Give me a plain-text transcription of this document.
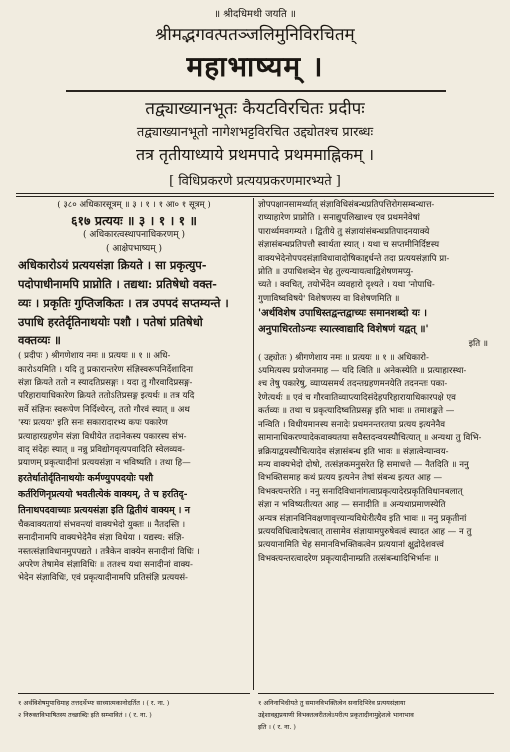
॥ श्रीदधिमथी जयति ॥
श्रीमद्भगवत्पतञ्जलिमुनिविरचितम्
महाभाष्यम् ।
तद्व्याख्यानभूतः कैयटविरचितः प्रदीपः
तद्व्याख्यानभूतो नागेशभट्टविरचित उद्द्योतश्च प्रारब्धः
तत्र तृतीयाध्याये प्रथमपादे प्रथममाह्निकम् ।
[ विधिप्रकरणे प्रत्ययप्रकरणमारभ्यते ]
( ३८० अधिकारसूत्रम् ॥ ३ । १ । १ आ० १ सूत्रम् )
६१७ प्रत्ययः ॥ ३ । १ । १ ॥
( अधिकारत्वस्थापनाधिकरणम् )
( आक्षेपभाष्यम् )
अधिकारोऽयं प्रत्ययसंज्ञा क्रियते । सा प्रकृत्युप-
पदोपाधीनामपि प्राप्नोति । तद्यथा: प्रतिषेधो वक्त-
व्यः । प्रकृतिः गुप्तिजकितः । तत्र उपपदं सप्तम्यन्ते ।
उपाधि हरतेर्दृतिनाथयोः पशौ । पतेषां प्रतिषेधो
वक्तव्यः ॥
( प्रदीपः ) श्रीगणेशाय नमः ॥ प्रत्ययः ॥ १ ॥ अधि-
कारोऽयमिति । यदि तु प्रकारान्तरेण संज्ञिस्वरूपनिर्देशादिना
संज्ञा क्रियते ततो न स्यादतिप्रसङ्गः । यदा तु गौरवादिप्रसङ्ग-
परिहारायाधिकारेण क्रियते ततोऽतिप्रसङ्ग इत्यर्थः ॥ तत्र यदि
सर्वे संज्ञिनः स्वरूपेण निर्दिश्येरन्, ततो गौरवं स्यात् ॥ अथ
'स्यः प्रत्ययः' इति सनः सकारादारभ्य कपः पकारेण
प्रत्याहारग्रहणेन संज्ञा विधीयेत तदानेकस्य पकारस्य संभ-
वाद् संदेहः स्यात् ॥ नन्नु प्रविद्योगवृत्यपवादिति स्वेलव्यव-
प्रयाणम् प्रकृत्यादीनां प्रत्ययसंज्ञा न भविष्यति । तथा हि—
हरतेर्धातोर्दृतिनाथयोः कर्मण्युपपदयोः पशौ
कर्तरिणिनृप्रत्ययो भवतीत्येकं वाक्यम्, ते च हरतिदृ-
तिनाथपदवाच्याः प्रत्ययसंज्ञा इति द्वितीयं वाक्यम् । न
चैकवाक्यतायां संभवन्त्यां वाक्यभेदो युक्तः ॥ नैतदस्ति ।
सनादीनामपि वाक्यभेदेनैव संज्ञा विधेया । यद्यस्य: संज्ञि-
नस्तत्संज्ञाविधानमुपपद्यते । तत्रैकेन वाक्येन सनादीनां विधिः ।
अपरेण तेषामेव संज्ञाविधिः ॥ ततश्च यथा सनादीनां वाक्य-
भेदेन संज्ञाविधिः, एवं प्रकृत्यादीनामपि प्रतिसंज्ञि प्रत्ययसं-
ज्ञोपपक्षानसामर्थ्यात् संज्ञाविधिसंबन्धप्रतिपत्तिरोगसम्बन्धात्त-
राघ्याहारेण प्राप्नोति । सनाद्युपलिखाश्च एव प्रथमनेवेषां
पारार्थ्यमवगम्यते । द्वितीये तु संज्ञायांसंबन्धप्रतिपादनयाक्ये
संज्ञासंबन्धप्रतिपत्तौ स्वार्थता स्यात् । यथा च सप्तमीनिर्दिष्टस्य
वाक्यभेदेनोपपदसंज्ञाविधावादोषिकाद्दर्धन्ते तदा प्रत्ययसंज्ञापि प्रा-
प्नोति ॥ उपाधिशब्देन चेह तुल्यन्यायत्वाद्विशेषणमप्यु-
च्यते । क्वचित्, तयोर्भेदेन व्यवहारो दृश्यते । यथा 'नोपाधि-
गुणाविष्वविषये' विशेषणस्य वा विशेषणमिति ॥
'अर्थविशेष उपाधिस्तद्वन्तद्वाच्यः समानशब्दो यः ।
अनुपाधिरतोऽन्यः स्यात्स्वाद्यादि विशेषणं यद्वत् ॥'
इति ॥
( उद्द्योतः ) श्रीगणेशाय नमः ॥ प्रत्ययः ॥ १ ॥ अधिकारो-
ऽयमित्यस्य प्रयोजनमाह — यदि त्विति ॥ अनेकस्येति ॥ प्रत्याहारस्था-
श्च तेषु पकारेषु, व्याप्यसमर्थ तदन्तग्रहणमनयेति तदनन्तः पका-
रेणेत्यर्थः ॥ एवं च गौरवातिव्याप्त्यादिसंदेहपरिहारायाधिकारपक्षे एव
कर्तव्यः ॥ तथा च प्रकृत्यादिष्वतिप्रसङ्ग इति भावः ॥ तमाशङ्कते —
नन्विति । विधीयमानस्य सनादेः प्रथमनन्तरतया प्रत्यय इत्यनेनैव
सामानाधिकरण्यादेकवाक्यतया सवैस्तदन्वयस्यौचित्यात् ॥ अन्यथा तु विभि-
न्नक्रियाद्वयस्यौचित्यादेव संज्ञासंबन्ध इति भावः ॥ संज्ञात्वेन्यान्वय-
मन्य वाक्यभेदो दोषो, तत्संज्ञकमनुसरेत हि समाधत्ते — नैतदिति ॥ ननु
विभक्तिसमाह कथं प्रत्यय इत्यनेन तेषां संबन्ध इत्यत आह —
विभक्त्यन्तरेति । ननु सनादिविधानांगत्वाप्रकृत्यादेरप्रकृतिविधानबलात्
संज्ञा न भविष्यतीत्यत आह — सनादीति ॥ अन्यथाप्रमाणस्येति
अन्यत्र संज्ञानविनिवक्षणावृत्त्यान्यविधेःरीत्यैव इति भावः ॥ ननु प्रकृतीनां
प्रत्ययविधित्वादेषत्वात् तासामेव संज्ञायामपुरुषेवत्वं स्यादत आह — न तु
प्रत्ययानामिति चेह समानविभक्तिकत्वेन प्रत्ययानां क्षुद्रोदेशवत्त्वं
विभक्त्यन्तरत्वादरेण प्रकृत्यादीनाम्प्रति तत्संबन्धादिभिर्भानः ॥
१ अर्थविशेषमुपाधिमाह तत्तदर्थेभ्यः साध्यात्मकानोदर्तित । ( र. ना. )
२ निरुक्तविभाषितस्य तच्छाब्दिः इति सम्भावितं । ( र. ना. )
१ अनिनाभिधीयते तु समानविभक्तित्वेन सनादिभिरेव प्रत्ययसंज्ञाया
उद्देशावह्यप्रयाणी विभक्तत्वरीतत्वेऽपरीत्य प्रकृतादीनामुद्देशत्वे भानाभाव
इति । ( र. ना. )
